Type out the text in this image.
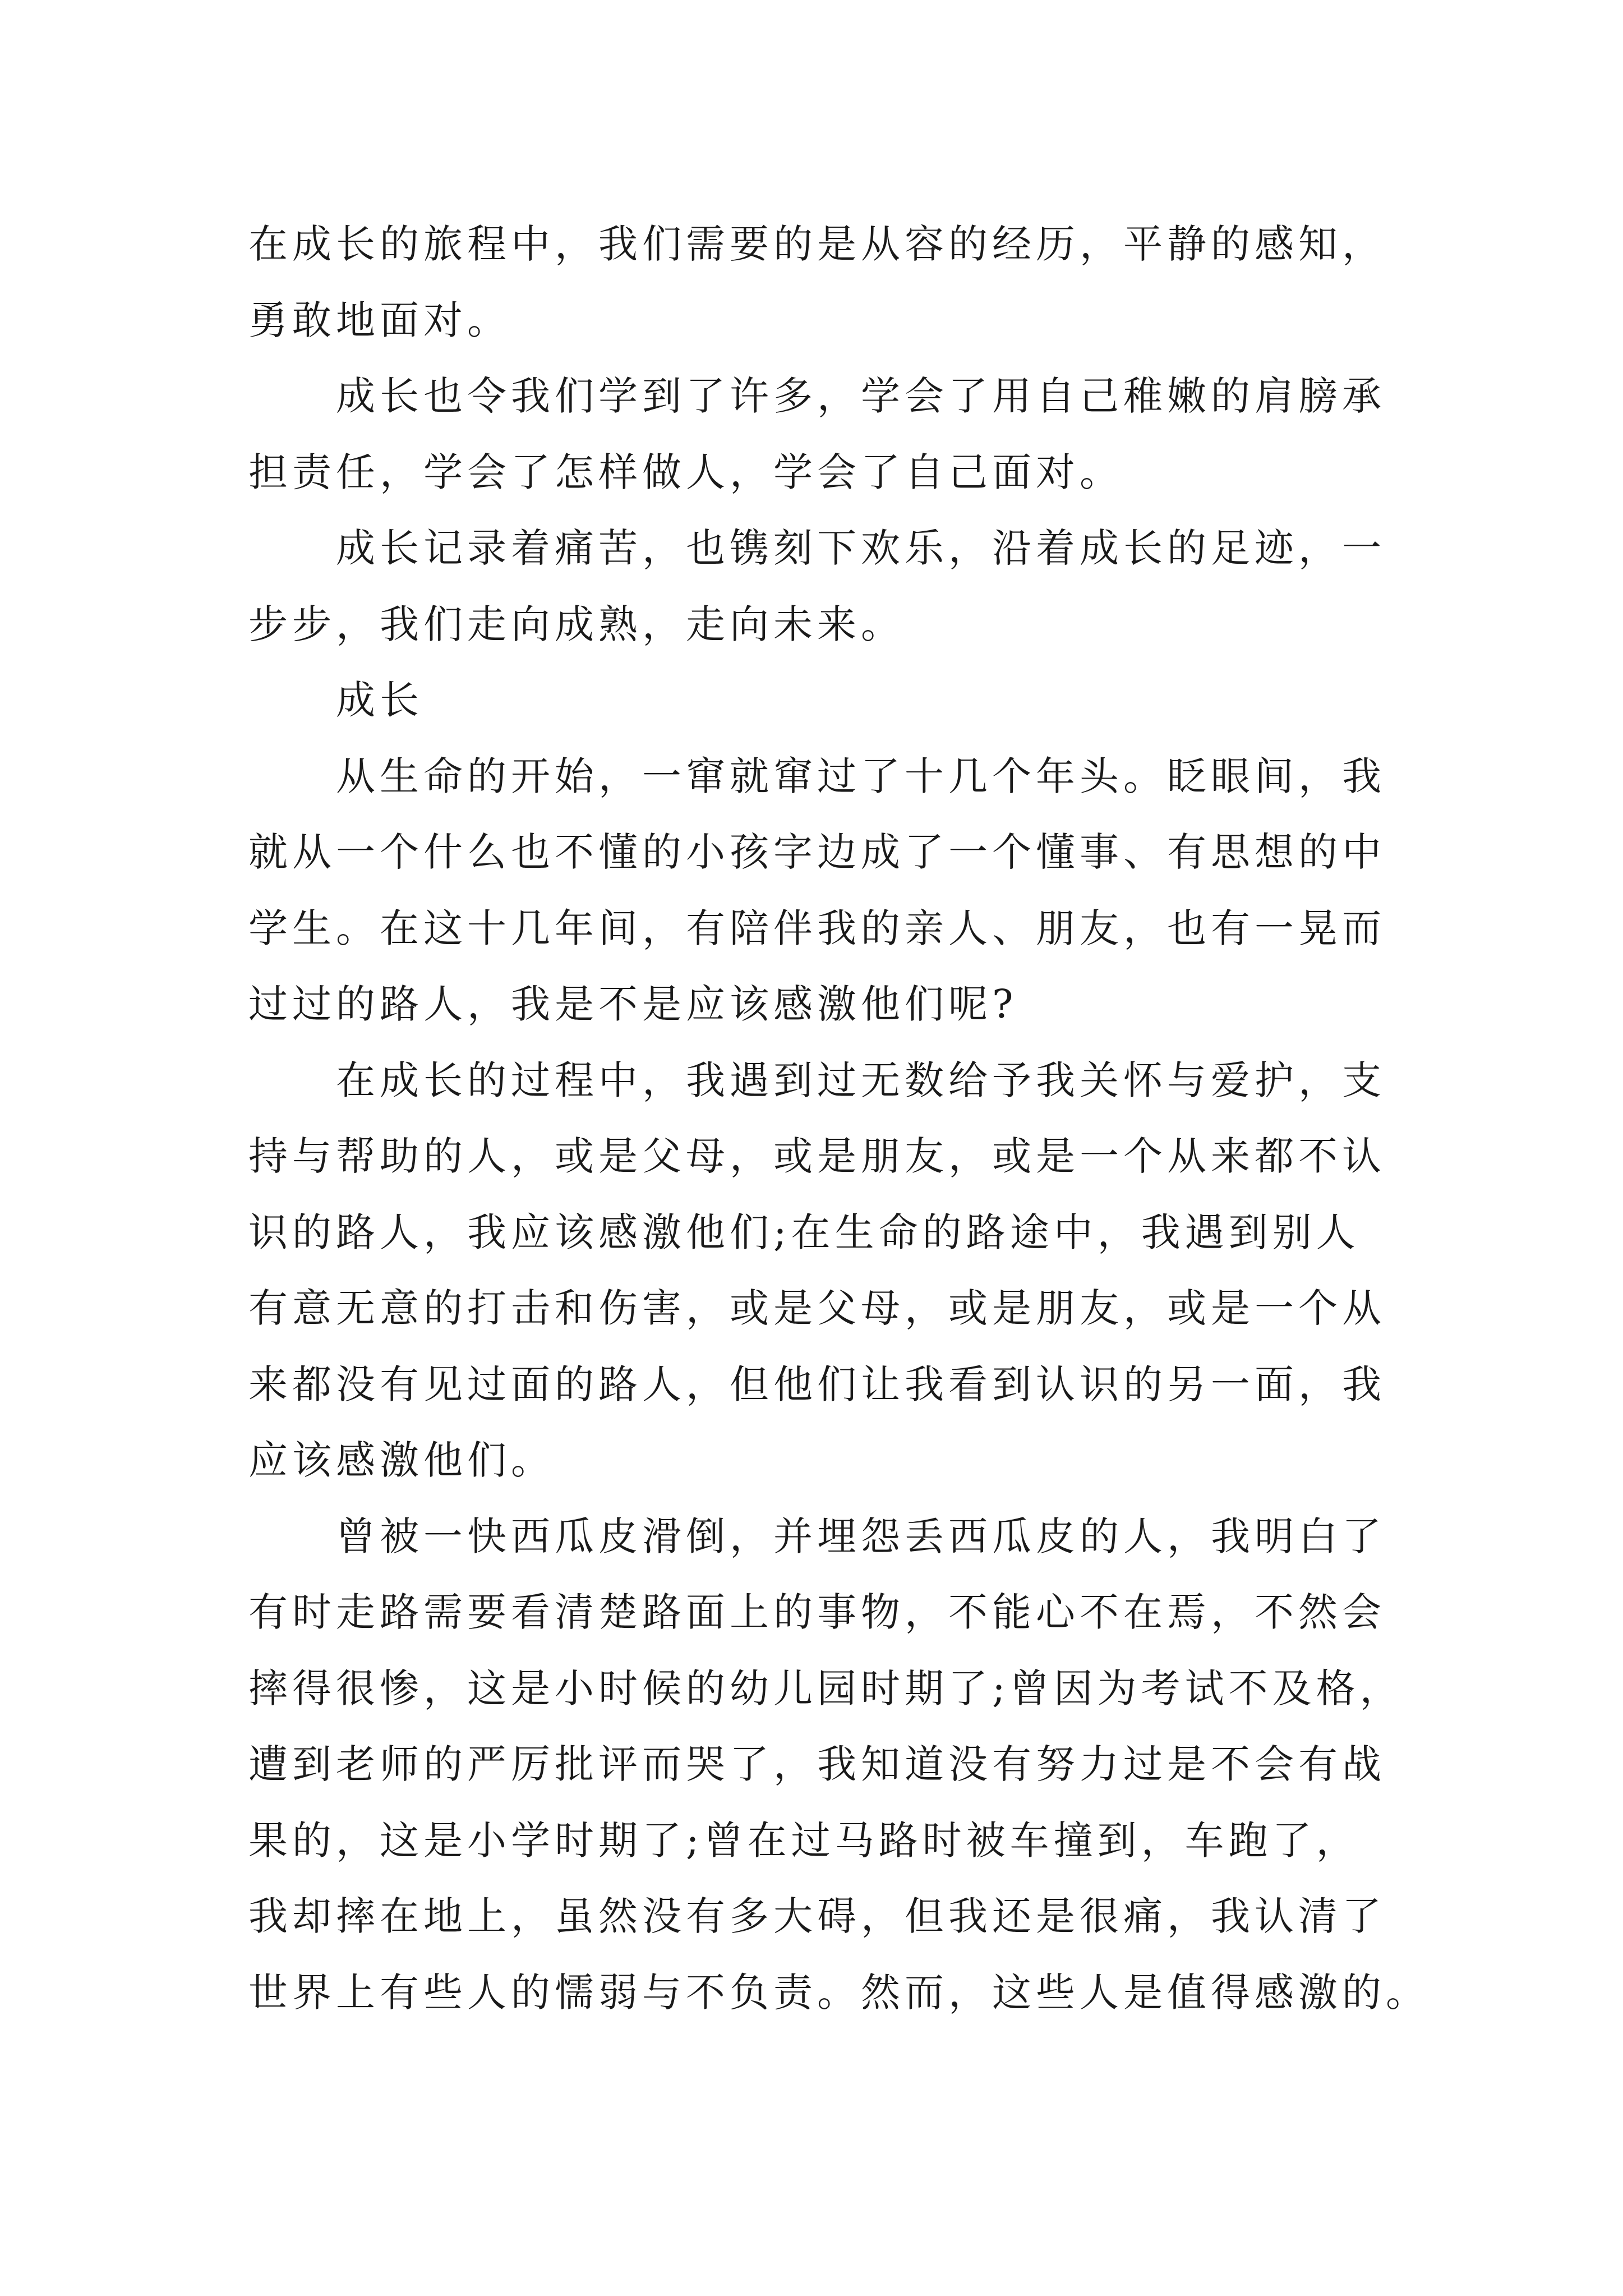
在成长的旅程中，我们需要的是从容的经历，平静的感知，
勇敢地面对。

成长也令我们学到了许多，学会了用自己稚嫩的肩膀承

担责任，学会了怎样做人，学会了自己面对。

成长记录着痛苦，也镌刻下欢乐，沿着成长的足迹，一

步步，我们走向成熟，走向未来。

成长

从生命的开始，一窜就窜过了十几个年头。眨眼间，我

就从一个什么也不懂的小孩字边成了一个懂事、有思想的中
学生。在这十几年间，有陪伴我的亲人、朋友，也有一晃而
过过的路人，我是不是应该感激他们呢?

在成长的过程中，我遇到过无数给予我关怀与爱护，支

持与帮助的人，或是父母，或是朋友，或是一个从来都不认
识的路人，我应该感激他们;在生命的路途中，我遇到别人
有意无意的打击和伤害，或是父母，或是朋友，或是一个从
来都没有见过面的路人，但他们让我看到认识的另一面，我
应该感激他们。

曾被一快西瓜皮滑倒，并埋怨丢西瓜皮的人，我明白了

有时走路需要看清楚路面上的事物，不能心不在焉，不然会
摔得很惨，这是小时候的幼儿园时期了;曾因为考试不及格，
遭到老师的严厉批评而哭了，我知道没有努力过是不会有战
果的，这是小学时期了;曾在过马路时被车撞到，车跑了，
我却摔在地上，虽然没有多大碍，但我还是很痛，我认清了
世界上有些人的懦弱与不负责。然而，这些人是值得感激的。
